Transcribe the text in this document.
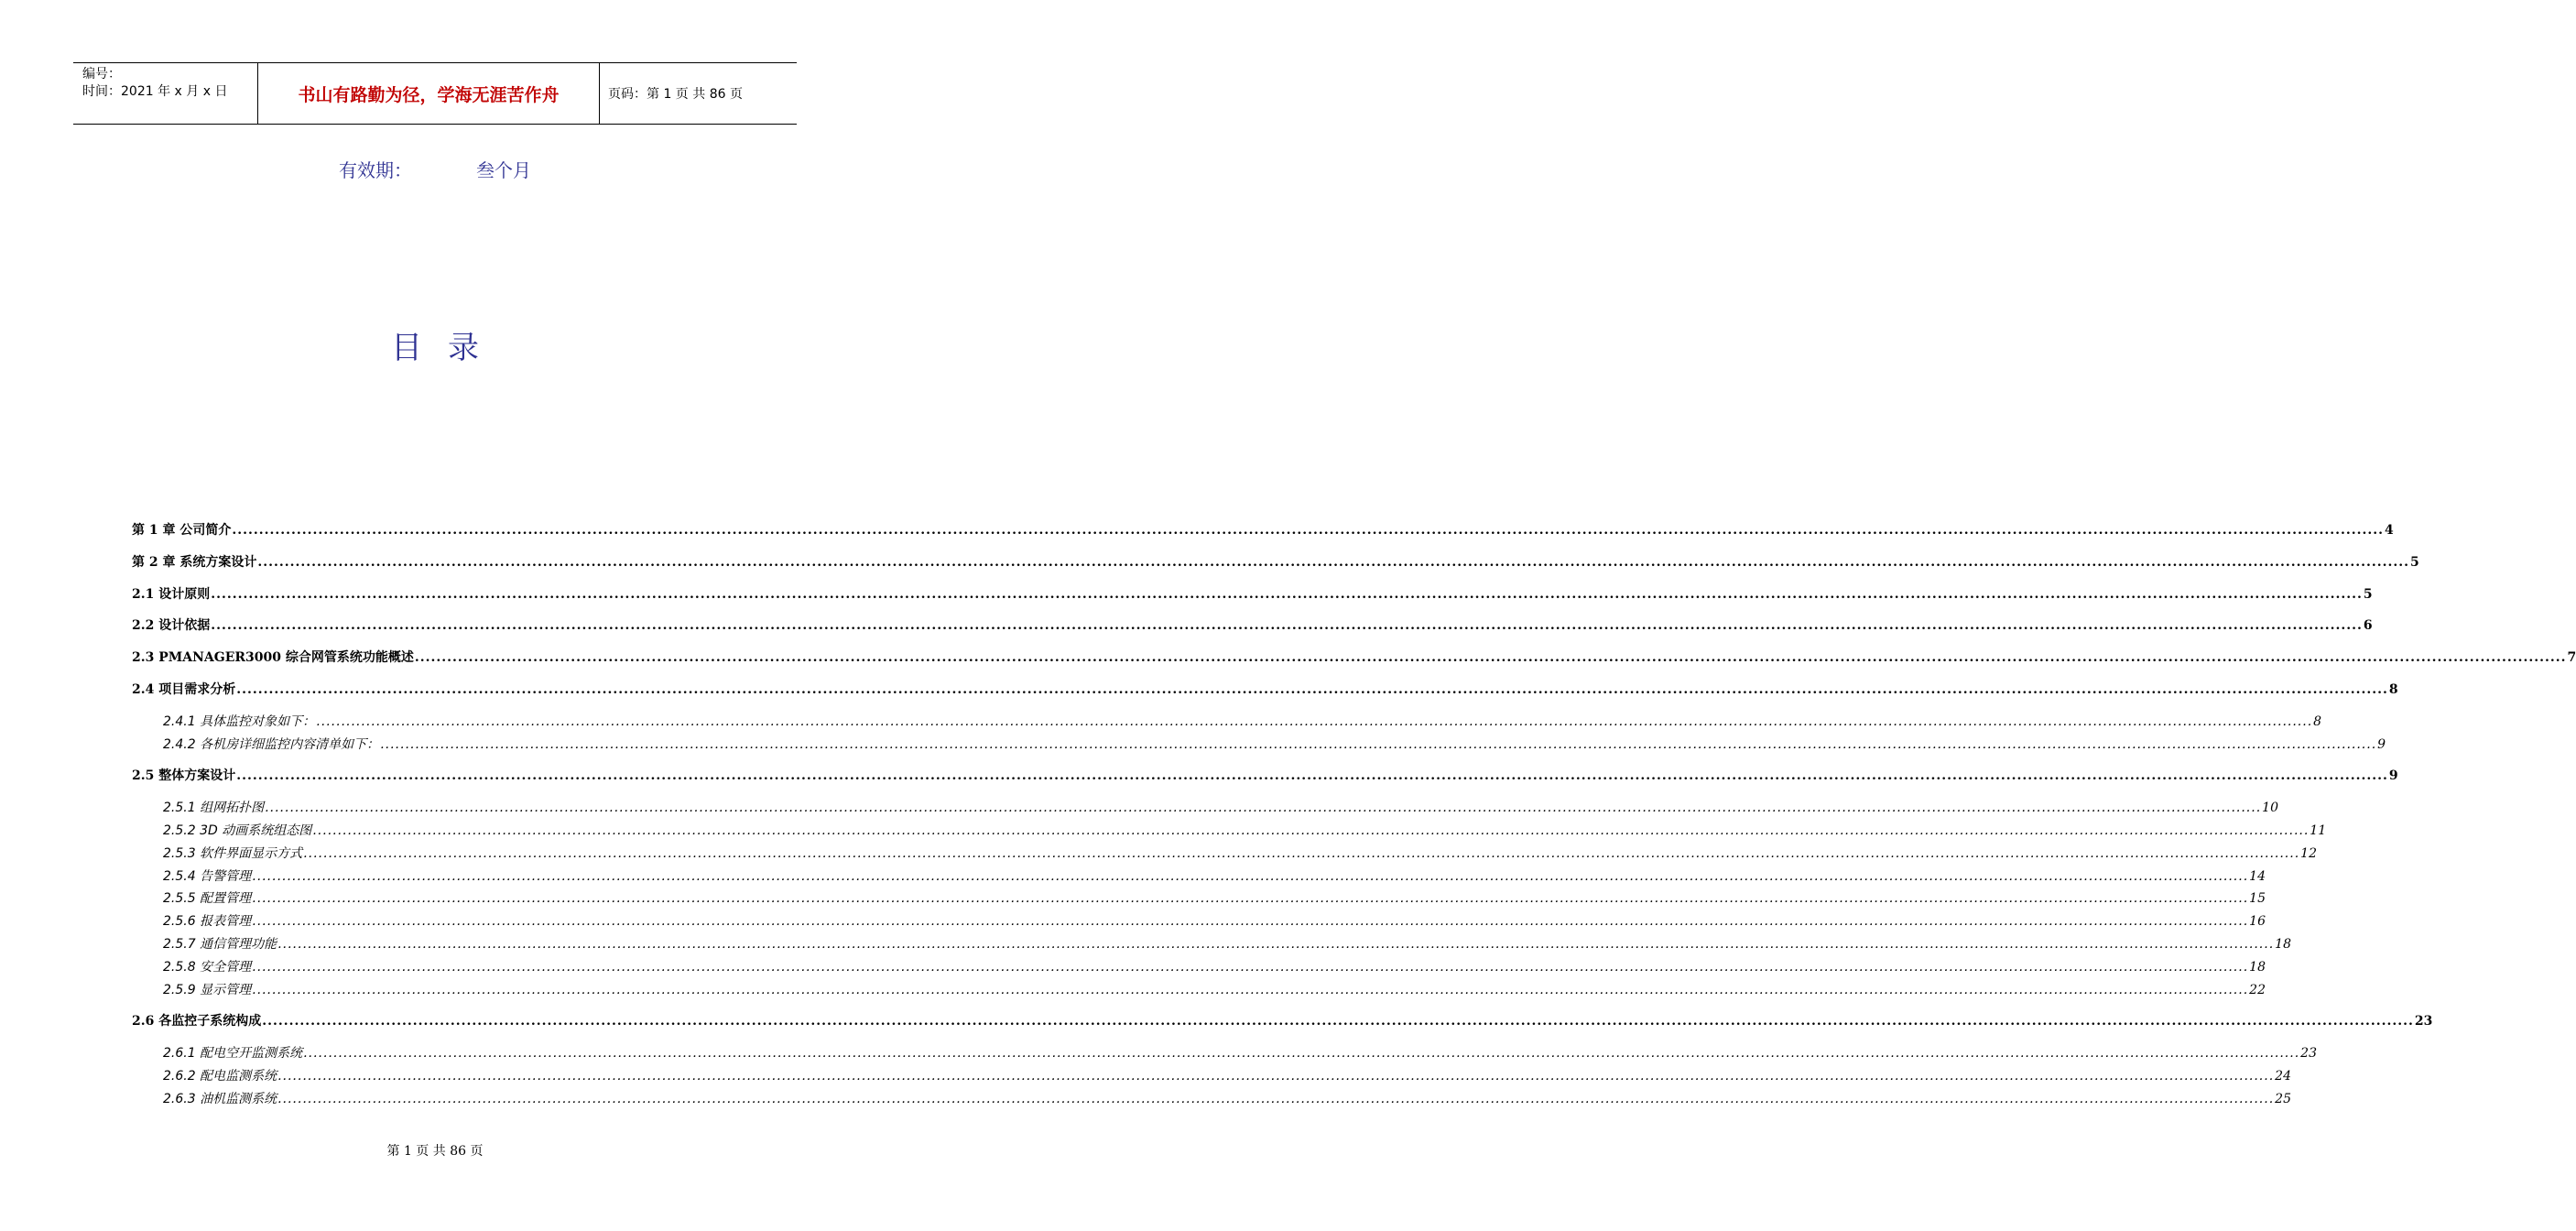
编号：
时间：2021 年 x 月 x 日	书山有路勤为径，学海无涯苦作舟	页码：第 1 页 共 86 页
有效期：	叁个月
目录
第 1 章 公司简介 ................................................................................................................................................................................................................................................................................................................................................................................................................ 4
第 2 章 系统方案设计 ................................................................................................................................................................................................................................................................................................................................................................................................................ 5
2.1 设计原则 ................................................................................................................................................................................................................................................................................................................................................................................................................ 5
2.2 设计依据 ................................................................................................................................................................................................................................................................................................................................................................................................................ 6
2.3 PMANAGER3000 综合网管系统功能概述 ................................................................................................................................................................................................................................................................................................................................................................................................................ 7
2.4 项目需求分析 ................................................................................................................................................................................................................................................................................................................................................................................................................ 8
2.4.1 具体监控对象如下： ................................................................................................................................................................................................................................................................................................................................................................................................................ 8
2.4.2 各机房详细监控内容清单如下： ................................................................................................................................................................................................................................................................................................................................................................................................................ 9
2.5 整体方案设计 ................................................................................................................................................................................................................................................................................................................................................................................................................ 9
2.5.1 组网拓扑图 ................................................................................................................................................................................................................................................................................................................................................................................................................ 10
2.5.2 3D 动画系统组态图 ................................................................................................................................................................................................................................................................................................................................................................................................................ 11
2.5.3 软件界面显示方式 ................................................................................................................................................................................................................................................................................................................................................................................................................ 12
2.5.4 告警管理 ................................................................................................................................................................................................................................................................................................................................................................................................................ 14
2.5.5 配置管理 ................................................................................................................................................................................................................................................................................................................................................................................................................ 15
2.5.6 报表管理 ................................................................................................................................................................................................................................................................................................................................................................................................................ 16
2.5.7 通信管理功能 ................................................................................................................................................................................................................................................................................................................................................................................................................ 18
2.5.8 安全管理 ................................................................................................................................................................................................................................................................................................................................................................................................................ 18
2.5.9 显示管理 ................................................................................................................................................................................................................................................................................................................................................................................................................ 22
2.6 各监控子系统构成 ................................................................................................................................................................................................................................................................................................................................................................................................................ 23
2.6.1 配电空开监测系统 ................................................................................................................................................................................................................................................................................................................................................................................................................ 23
2.6.2 配电监测系统 ................................................................................................................................................................................................................................................................................................................................................................................................................ 24
2.6.3 油机监测系统 ................................................................................................................................................................................................................................................................................................................................................................................................................ 25
第 1 页 共 86 页
